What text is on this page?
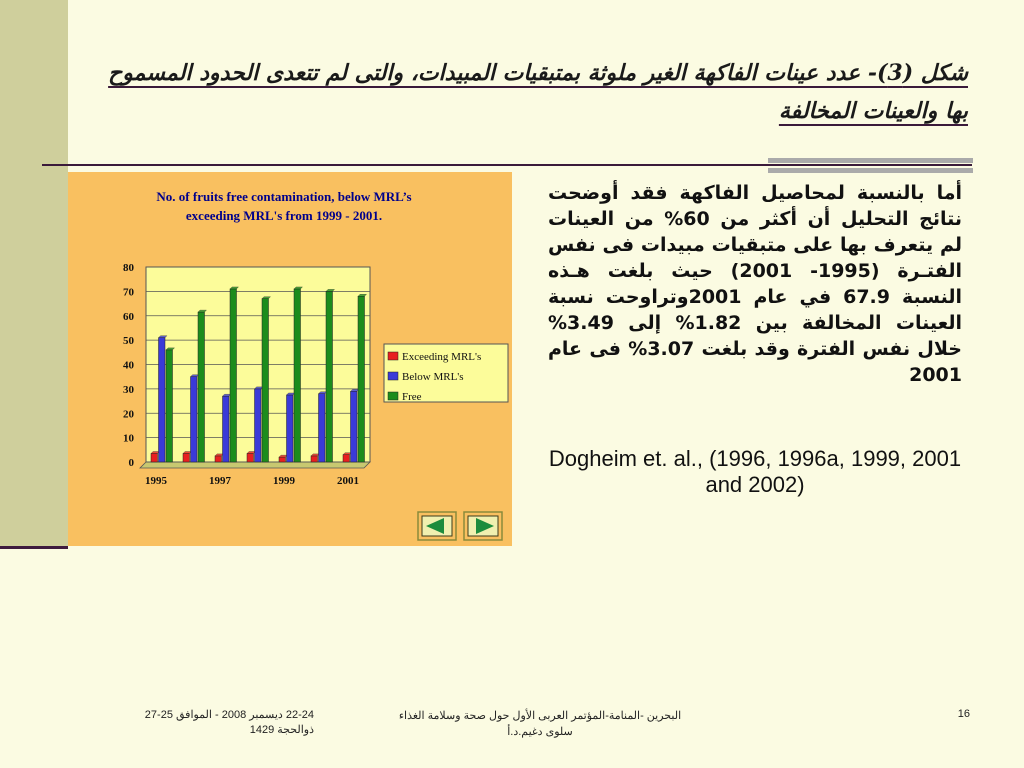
شكل (3)- عدد عينات الفاكهة الغير ملوثة بمتبقيات المبيدات، والتى لم تتعدى الحدود المسموح بها والعينات المخالفة
No. of fruits free contamination, below MRL’s
exceeding MRL's from 1999 - 2001.
0
10
20
30
40
50
60
70
80
1995	1997	1999	2001
Exceeding MRL's
Below MRL's
Free
أما بالنسبة لمحاصيل الفاكهة فقد أوضحت نتائج التحليل أن أكثر من 60% من العينات لم يتعرف بها على متبقيات مبيدات فى نفس الفتـرة (1995- 2001) حيث بلغت هـذه النسبة 67.9 في عام 2001وتراوحت نسبة العينات المخالفة بين 1.82% إلى 3.49% خلال نفس الفترة وقد بلغت 3.07% فى عام 2001
Dogheim et. al., (1996, 1996a, 1999, 2001 and 2002)
22-24 ديسمبر 2008 - الموافق 25-27
ذوالحجة 1429
البحرين -المنامة-المؤتمر العربى الأول حول صحة وسلامة الغذاء
سلوى دغيم.د.أ
16
